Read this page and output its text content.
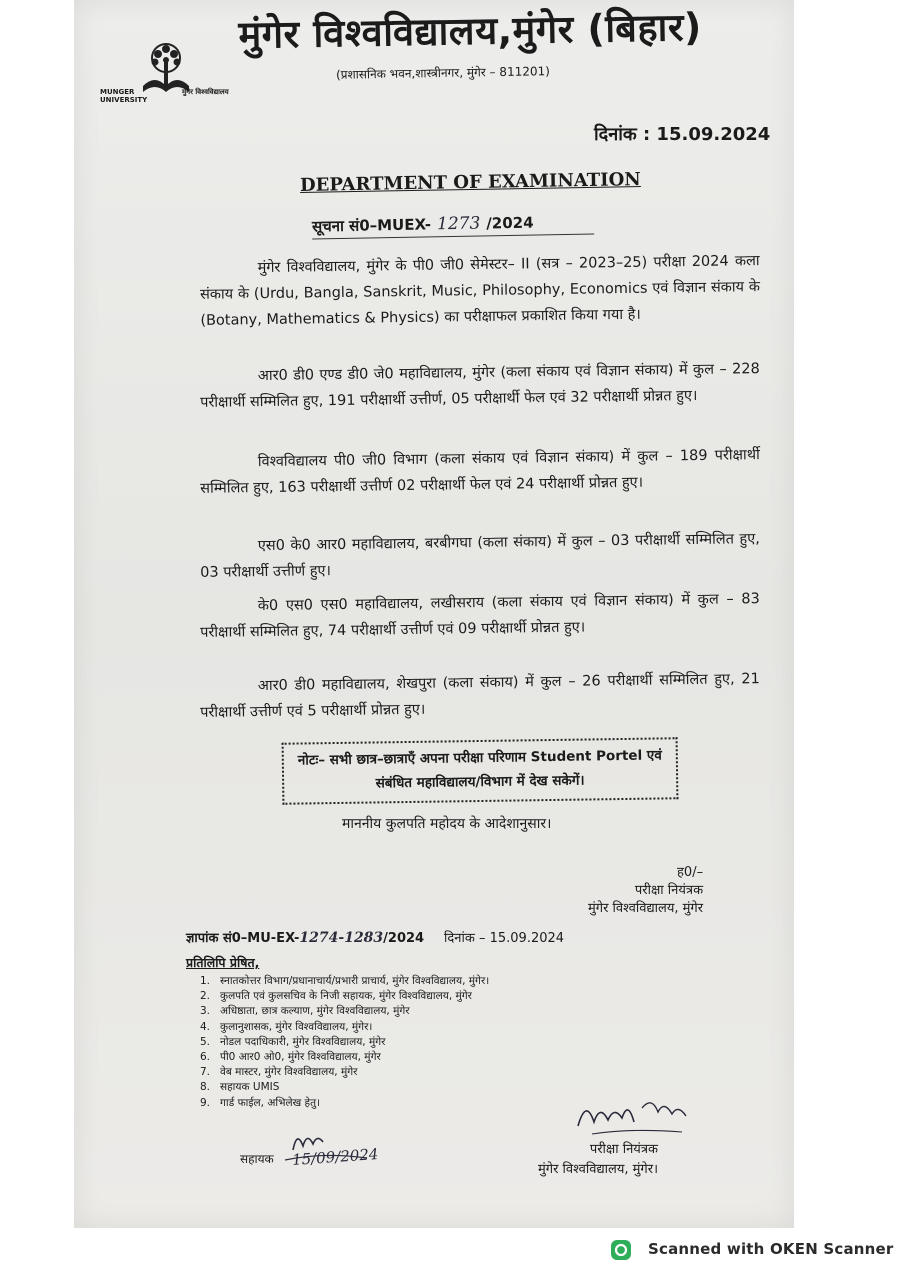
MUNGER
UNIVERSITY
मुंगेर विश्वविद्यालय
मुंगेर विश्वविद्यालय,मुंगेर (बिहार)
(प्रशासनिक भवन,शास्त्रीनगर, मुंगेर – 811201)
दिनांक : 15.09.2024
DEPARTMENT OF EXAMINATION
सूचना सं0–MUEX- 1273 /2024
मुंगेर विश्वविद्यालय, मुंगेर के पी0 जी0 सेमेस्टर– II (सत्र – 2023–25) परीक्षा 2024 कला संकाय के (Urdu, Bangla, Sanskrit, Music, Philosophy, Economics एवं विज्ञान संकाय के (Botany, Mathematics & Physics) का परीक्षाफल प्रकाशित किया गया है।
आर0 डी0 एण्ड डी0 जे0 महाविद्यालय, मुंगेर (कला संकाय एवं विज्ञान संकाय) में कुल – 228 परीक्षार्थी सम्मिलित हुए, 191 परीक्षार्थी उत्तीर्ण, 05 परीक्षार्थी फेल एवं 32 परीक्षार्थी प्रोन्नत हुए।
विश्वविद्यालय पी0 जी0 विभाग (कला संकाय एवं विज्ञान संकाय) में कुल – 189 परीक्षार्थी सम्मिलित हुए, 163 परीक्षार्थी उत्तीर्ण 02 परीक्षार्थी फेल एवं 24 परीक्षार्थी प्रोन्नत हुए।
एस0 के0 आर0 महाविद्यालय, बरबीगघा (कला संकाय) में कुल – 03 परीक्षार्थी सम्मिलित हुए, 03 परीक्षार्थी उत्तीर्ण हुए।
के0 एस0 एस0 महाविद्यालय, लखीसराय (कला संकाय एवं विज्ञान संकाय) में कुल – 83 परीक्षार्थी सम्मिलित हुए, 74 परीक्षार्थी उत्तीर्ण एवं 09 परीक्षार्थी प्रोन्नत हुए।
आर0 डी0 महाविद्यालय, शेखपुरा (कला संकाय) में कुल – 26 परीक्षार्थी सम्मिलित हुए, 21 परीक्षार्थी उत्तीर्ण एवं 5 परीक्षार्थी प्रोन्नत हुए।
नोटः– सभी छात्र–छात्राएँ अपना परीक्षा परिणाम Student Portel एवं संबंधित महाविद्यालय/विभाग में देख सकेगें।
माननीय कुलपति महोदय के आदेशानुसार।
ह0/–
परीक्षा नियंत्रक
मुंगेर विश्वविद्यालय, मुंगेर
ज्ञापांक सं0–MU-EX-1274-1283/2024 दिनांक – 15.09.2024
प्रतिलिपि प्रेषित,
1. स्नातकोत्तर विभाग/प्रधानाचार्य/प्रभारी प्राचार्य, मुंगेर विश्वविद्यालय, मुंगेर।
2. कुलपति एवं कुलसचिव के निजी सहायक, मुंगेर विश्वविद्यालय, मुंगेर
3. अधिष्ठाता, छात्र कल्याण, मुंगेर विश्वविद्यालय, मुंगेर
4. कुलानुशासक, मुंगेर विश्वविद्यालय, मुंगेर।
5. नोडल पदाधिकारी, मुंगेर विश्वविद्यालय, मुंगेर
6. पी0 आर0 ओ0, मुंगेर विश्वविद्यालय, मुंगेर
7. वेब मास्टर, मुंगेर विश्वविद्यालय, मुंगेर
8. सहायक UMIS
9. गार्ड फाईल, अभिलेख हेतु।
सहायक 15/09/2024	परीक्षा नियंत्रक
मुंगेर विश्वविद्यालय, मुंगेर।
Scanned with OKEN Scanner
